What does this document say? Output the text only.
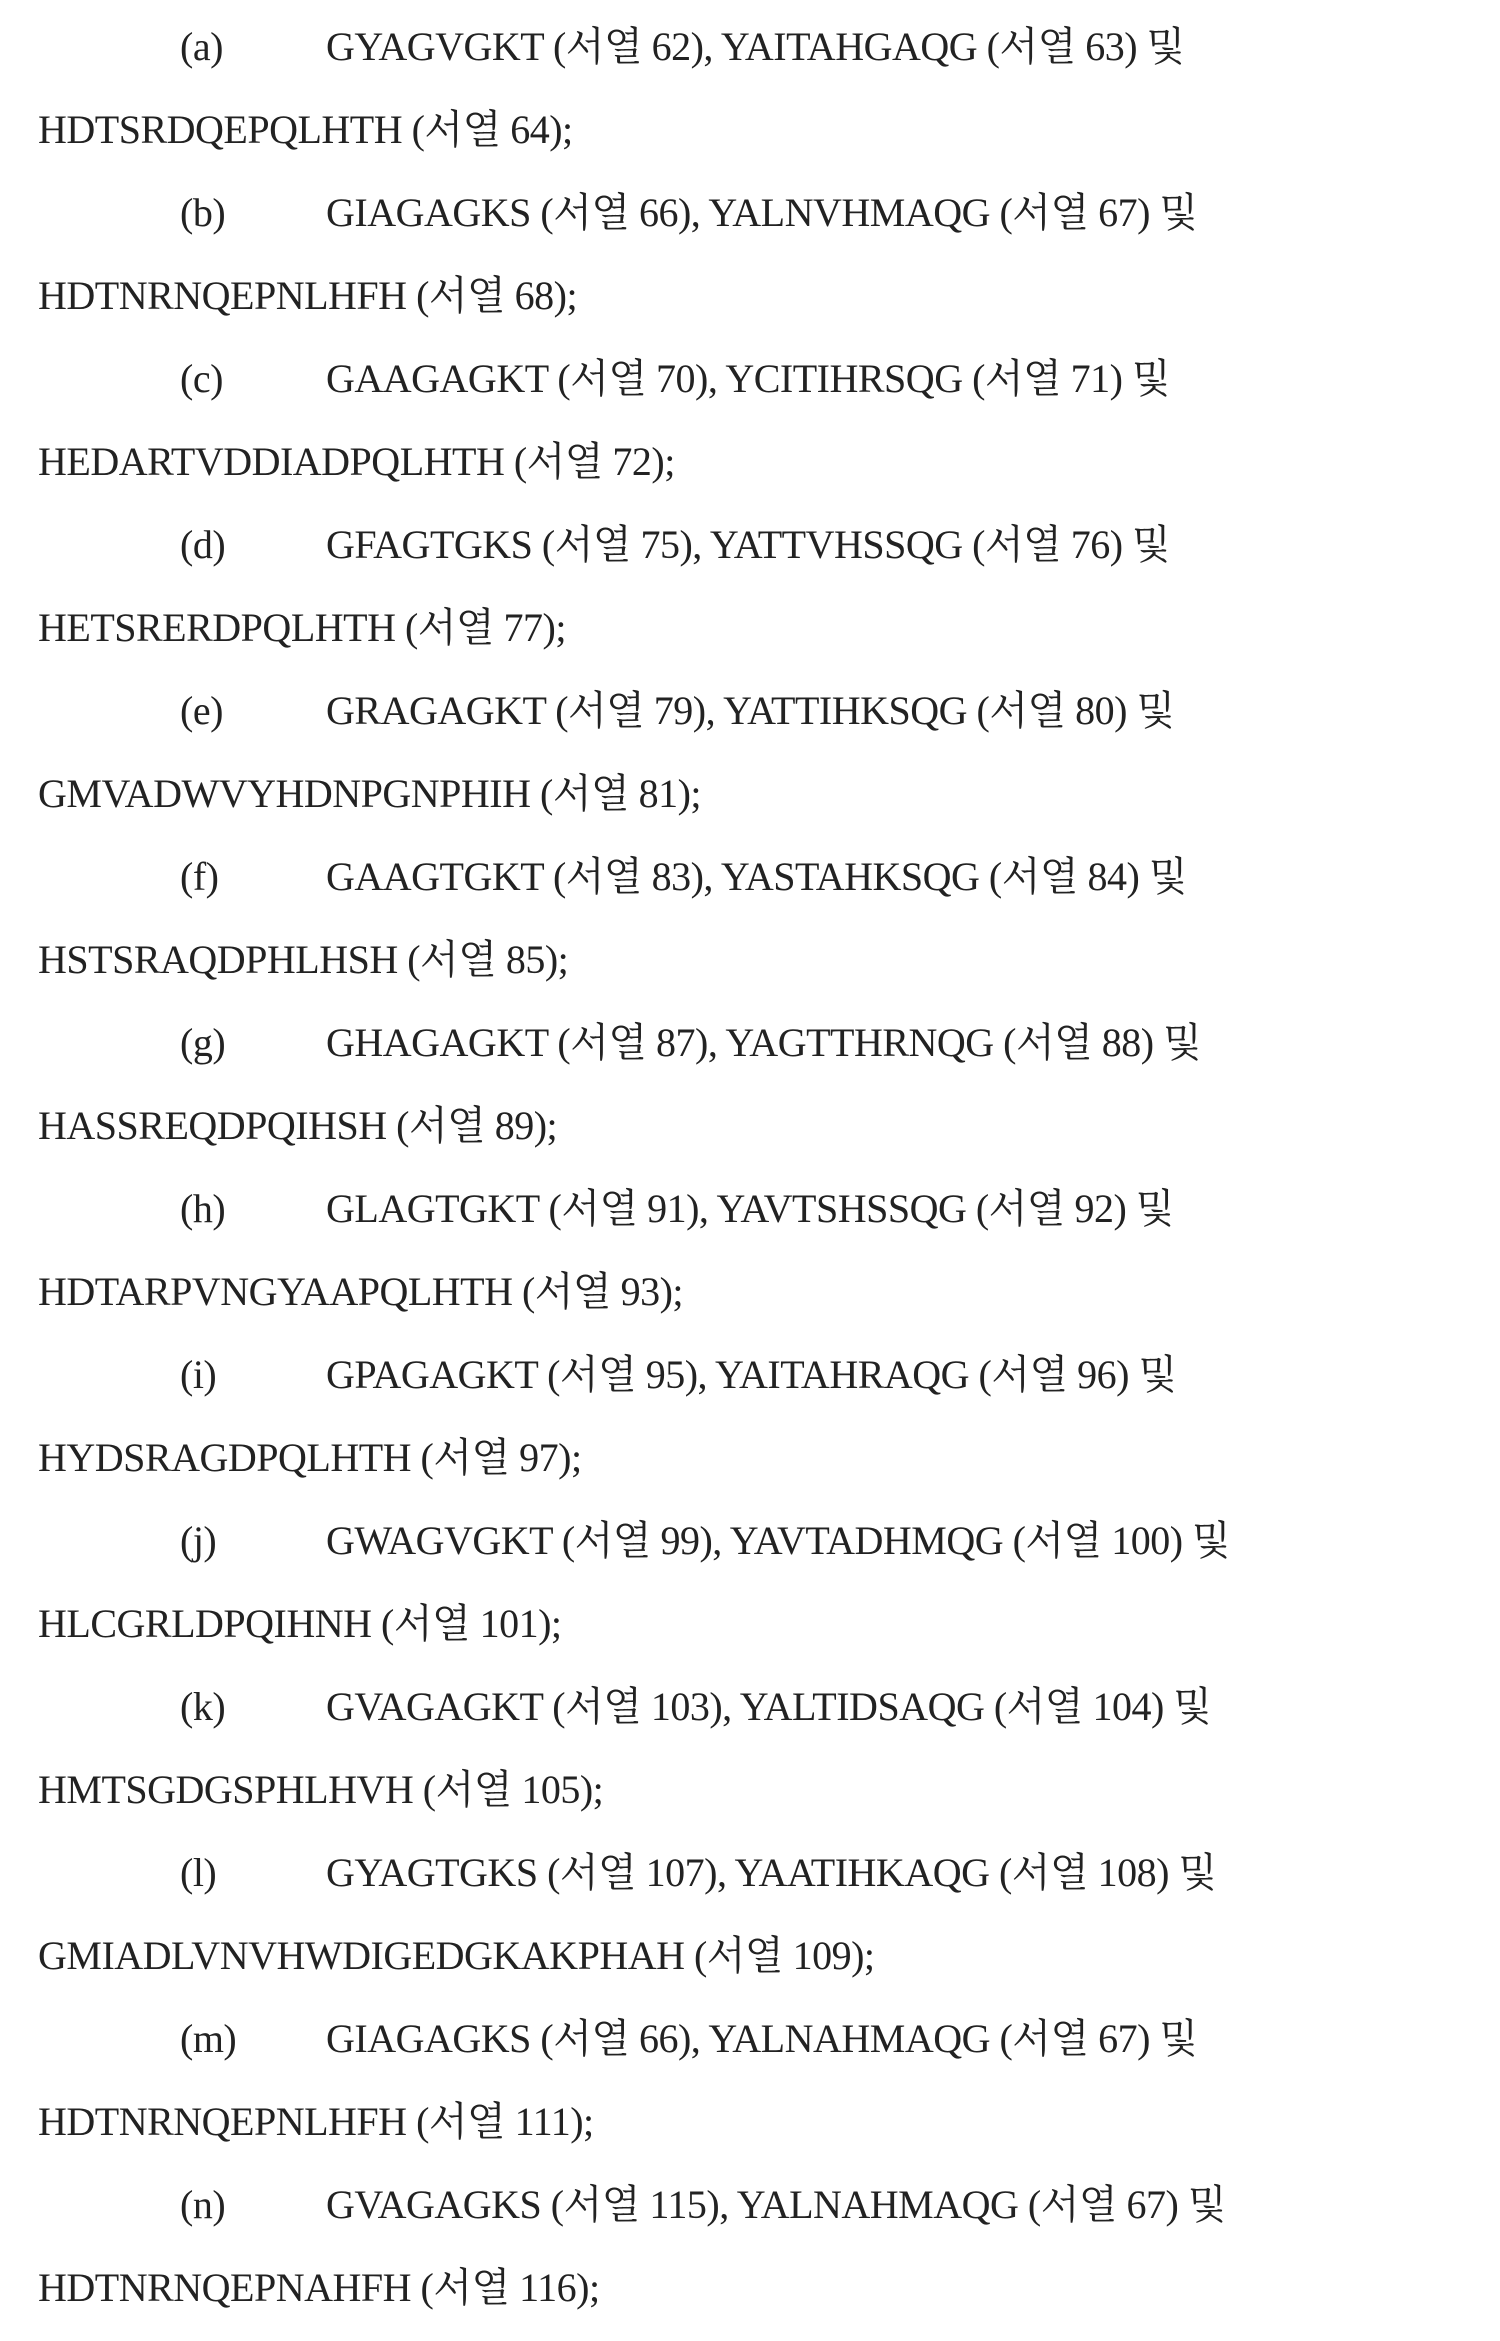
(a)	GYAGVGKT (서열 62), YAITAHGAQG (서열 63) 및
HDTSRDQEPQLHTH (서열 64);
(b)	GIAGAGKS (서열 66), YALNVHMAQG (서열 67) 및
HDTNRNQEPNLHFH (서열 68);
(c)	GAAGAGKT (서열 70), YCITIHRSQG (서열 71) 및
HEDARTVDDIADPQLHTH (서열 72);
(d)	GFAGTGKS (서열 75), YATTVHSSQG (서열 76) 및
HETSRERDPQLHTH (서열 77);
(e)	GRAGAGKT (서열 79), YATTIHKSQG (서열 80) 및
GMVADWVYHDNPGNPHIH (서열 81);
(f)	GAAGTGKT (서열 83), YASTAHKSQG (서열 84) 및
HSTSRAQDPHLHSH (서열 85);
(g)	GHAGAGKT (서열 87), YAGTTHRNQG (서열 88) 및
HASSREQDPQIHSH (서열 89);
(h)	GLAGTGKT (서열 91), YAVTSHSSQG (서열 92) 및
HDTARPVNGYAAPQLHTH (서열 93);
(i)	GPAGAGKT (서열 95), YAITAHRAQG (서열 96) 및
HYDSRAGDPQLHTH (서열 97);
(j)	GWAGVGKT (서열 99), YAVTADHMQG (서열 100) 및
HLCGRLDPQIHNH (서열 101);
(k)	GVAGAGKT (서열 103), YALTIDSAQG (서열 104) 및
HMTSGDGSPHLHVH (서열 105);
(l)	GYAGTGKS (서열 107), YAATIHKAQG (서열 108) 및
GMIADLVNVHWDIGEDGKAKPHAH (서열 109);
(m) GIAGAGKS (서열 66), YALNAHMAQG (서열 67) 및
HDTNRNQEPNLHFH (서열 111);
(n)	GVAGAGKS (서열 115), YALNAHMAQG (서열 67) 및
HDTNRNQEPNAHFH (서열 116);
